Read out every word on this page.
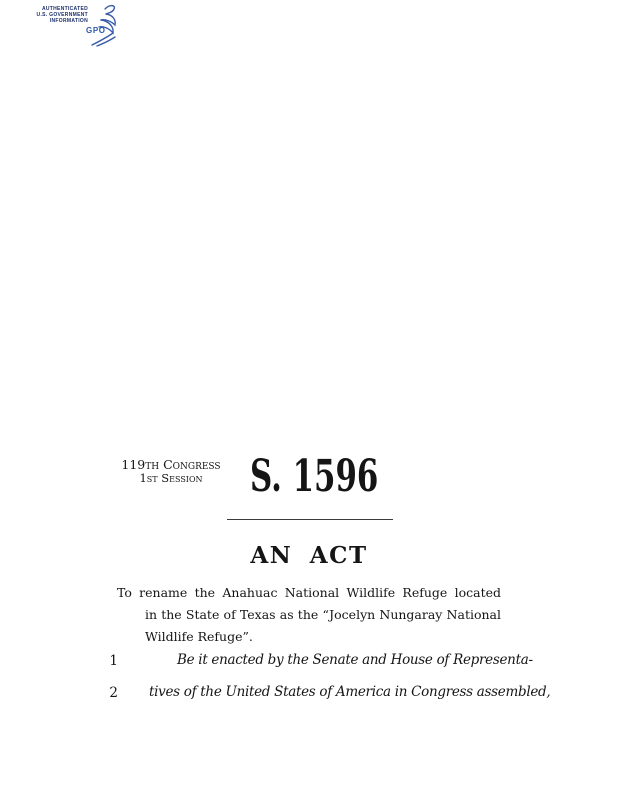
AUTHENTICATED
U.S. GOVERNMENT
INFORMATION
GPO
119th Congress
1st Session	S. 1596
AN ACT
To rename the Anahuac National Wildlife Refuge located
in the State of Texas as the “Jocelyn Nungaray National
Wildlife Refuge”.
1	Be it enacted by the Senate and House of Representa-
2 tives of the United States of America in Congress assembled,
